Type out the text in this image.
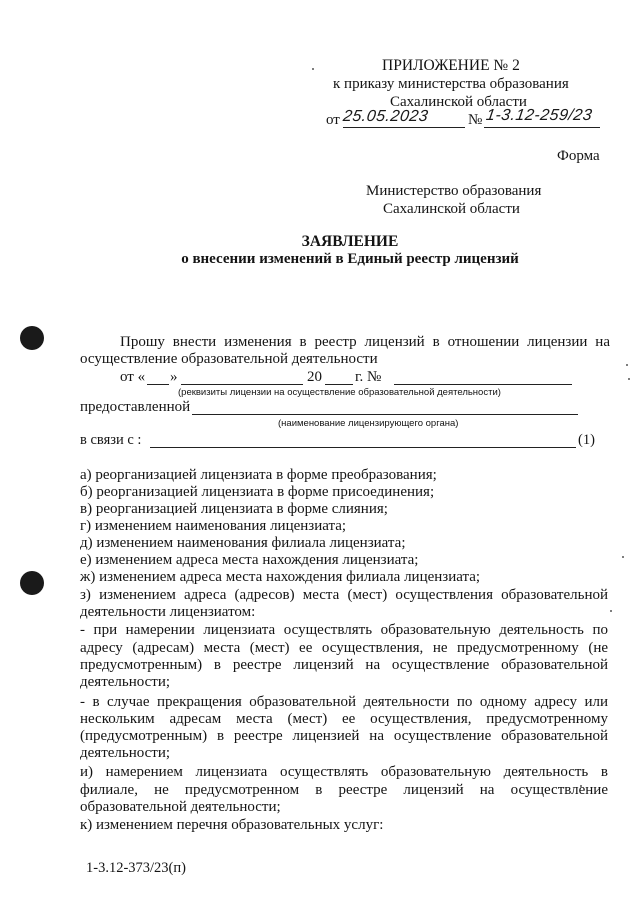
ПРИЛОЖЕНИЕ № 2
к приказу министерства образования
Сахалинской области
от 25.05.2023	№ 1-3.12-259/23
Форма
Министерство образования
Сахалинской области
ЗАЯВЛЕНИЕ
о внесении изменений в Единый реестр лицензий
Прошу внести изменения в реестр лицензий в отношении лицензии на
осуществление образовательной деятельности
от « »	20 г. №
(реквизиты лицензии на осуществление образовательной деятельности)
предоставленной
(наименование лицензирующего органа)
в связи с :	(1)
а) реорганизацией лицензиата в форме преобразования;
б) реорганизацией лицензиата в форме присоединения;
в) реорганизацией лицензиата в форме слияния;
г) изменением наименования лицензиата;
д) изменением наименования филиала лицензиата;
е) изменением адреса места нахождения лицензиата;
ж) изменением адреса места нахождения филиала лицензиата;
з) изменением адреса (адресов) места (мест) осуществления образовательной
деятельности лицензиатом:
- при намерении лицензиата осуществлять образовательную деятельность по
адресу (адресам) места (мест) ее осуществления, не предусмотренному (не
предусмотренным) в реестре лицензий на осуществление образовательной
деятельности;
- в случае прекращения образовательной деятельности по одному адресу или
нескольким адресам места (мест) ее осуществления, предусмотренному
(предусмотренным) в реестре лицензией на осуществление образовательной
деятельности;
и) намерением лицензиата осуществлять образовательную деятельность в
филиале, не предусмотренном в реестре лицензий на осуществление
образовательной деятельности;
к) изменением перечня образовательных услуг:
1-3.12-373/23(п)
